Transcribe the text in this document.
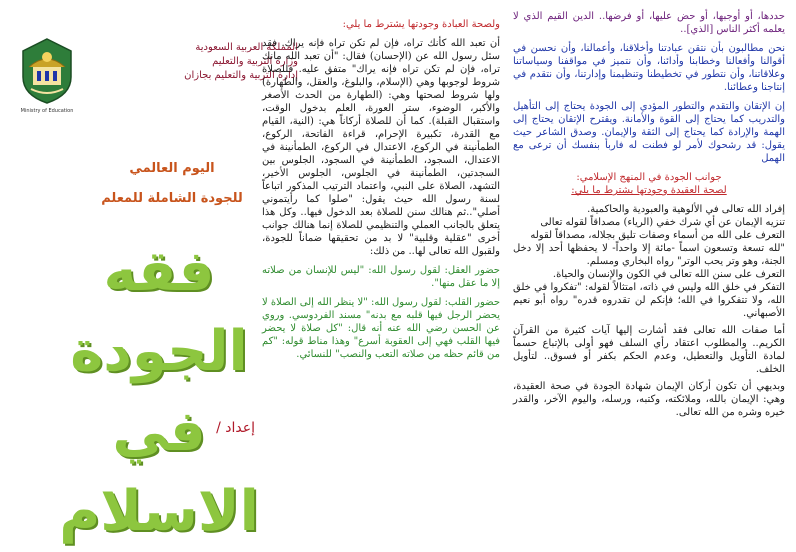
Ministry of Education
المملكة العربية السعودية
وزارة التربية والتعليم
إدارة التربية والتعليم بجازان
اليوم العالمي
للجودة الشاملة للمعلم
فقه الجودة
في الاسلام
إعداد /

ولصحة العبادة وجودتها يشترط ما يلي:

أن تعبد الله كأنك تراه، فإن لم تكن تراه فإنه يراك. فقد سئل رسول الله عن (الإحسان) فقال: "أن تعبد الله مانك تراه، فإن لم تكن تراه فإنه يراك" متفق عليه. فللصلاة شروط لوجوبها وهي (الإسلام، والبلوغ، والعقل، والطهارة) ولها شروط لصحتها وهي: (الطهارة من الحدث الأصغر والأكبر، الوضوء، ستر العورة، العلم بدخول الوقت، واستقبال القبلة). كما أن للصلاة أركاناً هي: (النية، القيام مع القدرة، تكبيرة الإحرام، قراءة الفاتحة، الركوع، الطمأنينة في الركوع، الاعتدال في الركوع، الطمأنينة في الاعتدال، السجود، الطمأنينة في السجود، الجلوس بين السجدتين، الطمأنينة في الجلوس، الجلوس الأخير، التشهد، الصلاة على النبي، واعتماد الترتيب المذكور اتباعاً لسنة رسول الله حيث يقول: "صلوا كما رأيتموني أصلي"..ثم هنالك سنن للصلاة بعد الدخول فيها.. وكل هذا يتعلق بالجانب العملي والتنظيمي للصلاة إنما هنالك جوانب أخرى "عقلية وقلبية" لا بد من تحقيقها ضماناً للجودة، ولقبول الله تعالى لها.. من ذلك:

حضور العقل: لقول رسول الله: "ليس للإنسان من صلاته إلا ما عقل منها".

حضور القلب: لقول رسول الله: "لا ينظر الله إلى الصلاة لا يحضر الرجل فيها قلبه مع بدنه" مسند الفردوسي. وروي عن الحسن رضي الله عنه أنه قال: "كل صلاة لا يحضر فيها القلب فهي إلى العقوبة أسرع" وهذا مناط قوله: "كم من قائم حظه من صلاته التعب والنصب" للنسائي.

حددها، أو أوجبها، أو حض عليها، أو فرضها.. الدين القيم الذي لا يعلمه أكثر الناس [الذي]..

نحن مطالبون بأن نتقن عبادتنا وأخلاقنا، وأعمالنا، وأن نحسن في أقوالنا وأفعالنا وخطابنا وأدائنا، وأن نتميز في مواقفنا وسياساتنا وعلاقاتنا، وأن نتطور في تخطيطنا وتنظيمنا وإدارتنا، وأن نتقدم في إنتاجنا وعطائنا.

إن الإتقان والتقدم والتطور المؤدي إلى الجودة يحتاج إلى التأهيل والتدريب كما يحتاج إلى القوة والأمانة. ويقترح الإتقان يحتاج إلى الهمة والإرادة كما يحتاج إلى الثقة والإيمان. وصدق الشاعر حيث يقول: قد رشحوك لأمر لو فطنت له فاربأ بنفسك أن ترعى مع الهمل

جوانب الجودة في المنهج الإسلامي:

لصحة العقيدة وجودتها يشترط ما يلي:

إفراد الله تعالى في الألوهية والعبودية والحاكمية.

تنزيه الإيمان عن أي شرك خفي (الرياء) مصداقاً لقوله تعالى

التعرف على الله من أسماء وصفات تليق بجلاله، مصداقاً لقوله

"لله تسعة وتسعون اسماً -مائة إلا واحداً- لا يحفظها أحد إلا دخل الجنة، وهو وتر يحب الوتر" رواه البخاري ومسلم.

التعرف على سنن الله تعالى في الكون والإنسان والحياة.

التفكر في خلق الله وليس في ذاته، امتثالاً لقوله: "تفكروا في خلق الله، ولا تتفكروا في الله؛ فإنكم لن تقدروه قدره" رواه أبو نعيم الأصبهاني.

أما صفات الله تعالى فقد أشارت إليها آيات كثيرة من القرآن الكريم.. والمطلوب اعتقاد رأي السلف فهو أولى بالإتباع حسماً لمادة التأويل والتعطيل، وعدم الحكم بكفر أو فسوق.. لتأويل الخلف.

وبديهي أن تكون أركان الإيمان شهادة الجودة في صحة العقيدة، وهي: الإيمان بالله، وملائكته، وكتبه، ورسله، واليوم الآخر، والقدر خيره وشره من الله تعالى.
